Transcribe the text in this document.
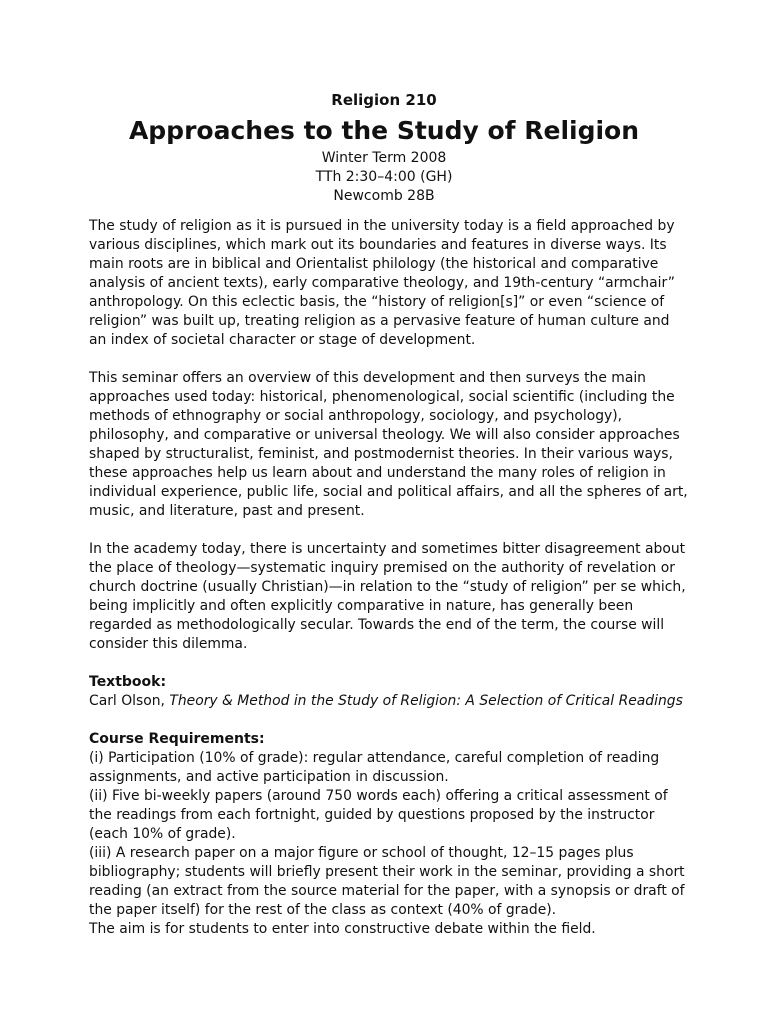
Religion 210

Approaches to the Study of Religion

Winter Term 2008

TTh 2:30–4:00 (GH)

Newcomb 28B

The study of religion as it is pursued in the university today is a field approached by various disciplines, which mark out its boundaries and features in diverse ways. Its main roots are in biblical and Orientalist philology (the historical and comparative analysis of ancient texts), early comparative theology, and 19th-century “armchair” anthropology. On this eclectic basis, the “history of religion[s]” or even “science of religion” was built up, treating religion as a pervasive feature of human culture and an index of societal character or stage of development.

This seminar offers an overview of this development and then surveys the main approaches used today: historical, phenomenological, social scientific (including the methods of ethnography or social anthropology, sociology, and psychology), philosophy, and comparative or universal theology. We will also consider approaches shaped by structuralist, feminist, and postmodernist theories. In their various ways, these approaches help us learn about and understand the many roles of religion in individual experience, public life, social and political affairs, and all the spheres of art, music, and literature, past and present.

In the academy today, there is uncertainty and sometimes bitter disagreement about the place of theology—systematic inquiry premised on the authority of revelation or church doctrine (usually Christian)—in relation to the “study of religion” per se which, being implicitly and often explicitly comparative in nature, has generally been regarded as methodologically secular. Towards the end of the term, the course will consider this dilemma.

Textbook:

Carl Olson, Theory & Method in the Study of Religion: A Selection of Critical Readings

Course Requirements:

(i) Participation (10% of grade): regular attendance, careful completion of reading assignments, and active participation in discussion.

(ii) Five bi-weekly papers (around 750 words each) offering a critical assessment of the readings from each fortnight, guided by questions proposed by the instructor (each 10% of grade).

(iii) A research paper on a major figure or school of thought, 12–15 pages plus bibliography; students will briefly present their work in the seminar, providing a short reading (an extract from the source material for the paper, with a synopsis or draft of the paper itself) for the rest of the class as context (40% of grade).

The aim is for students to enter into constructive debate within the field.
